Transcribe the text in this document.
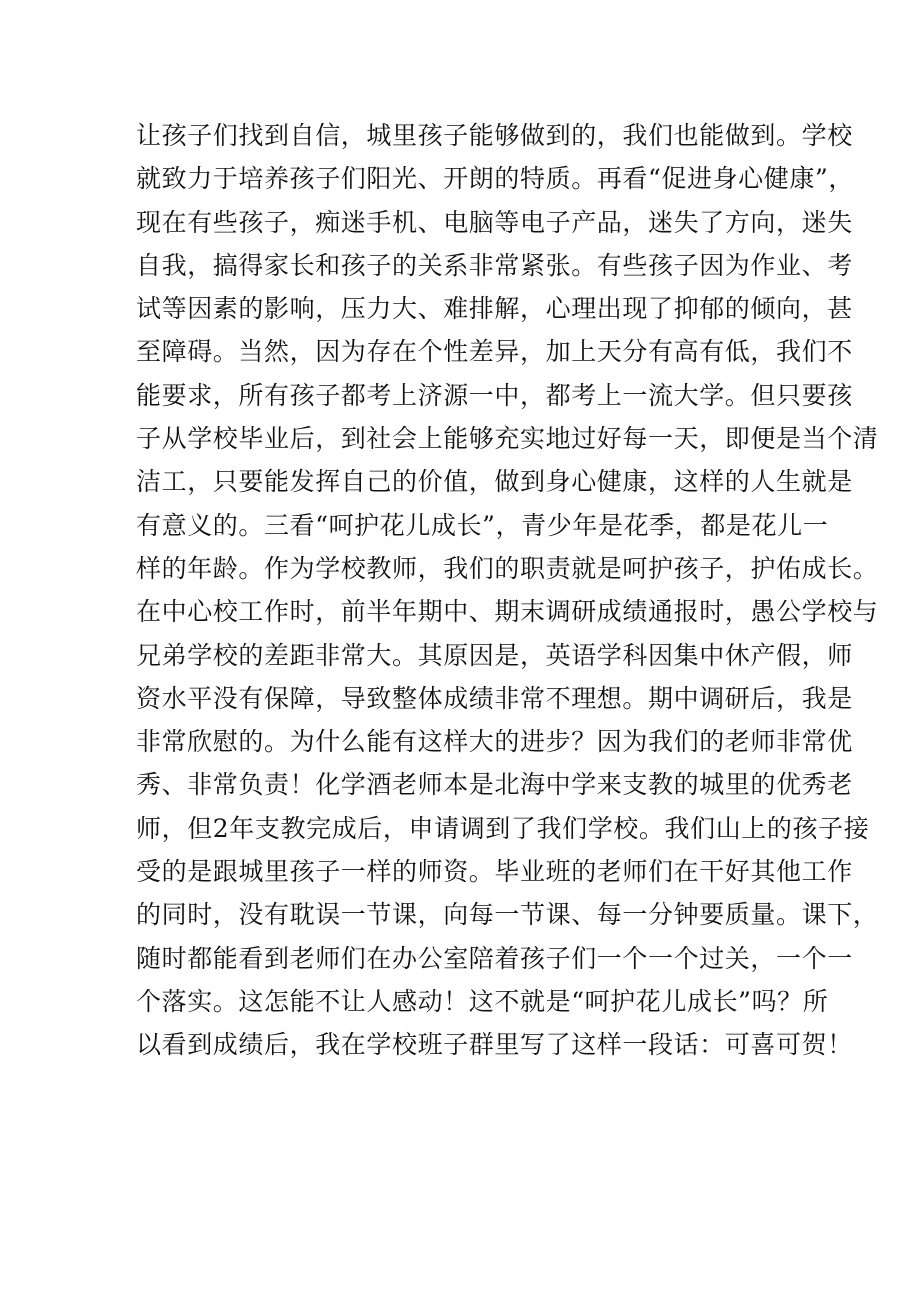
让孩子们找到自信，城里孩子能够做到的，我们也能做到。学校
就致力于培养孩子们阳光、开朗的特质。再看“促进身心健康”，
现在有些孩子，痴迷手机、电脑等电子产品，迷失了方向，迷失
自我，搞得家长和孩子的关系非常紧张。有些孩子因为作业、考
试等因素的影响，压力大、难排解，心理出现了抑郁的倾向，甚
至障碍。当然，因为存在个性差异，加上天分有高有低，我们不
能要求，所有孩子都考上济源一中，都考上一流大学。但只要孩
子从学校毕业后，到社会上能够充实地过好每一天，即便是当个清
洁工，只要能发挥自己的价值，做到身心健康，这样的人生就是
有意义的。三看“呵护花儿成长”，青少年是花季，都是花儿一
样的年龄。作为学校教师，我们的职责就是呵护孩子，护佑成长。
在中心校工作时，前半年期中、期末调研成绩通报时，愚公学校与
兄弟学校的差距非常大。其原因是，英语学科因集中休产假，师
资水平没有保障，导致整体成绩非常不理想。期中调研后，我是
非常欣慰的。为什么能有这样大的进步？因为我们的老师非常优
秀、非常负责！化学酒老师本是北海中学来支教的城里的优秀老
师，但2年支教完成后，申请调到了我们学校。我们山上的孩子接
受的是跟城里孩子一样的师资。毕业班的老师们在干好其他工作
的同时，没有耽误一节课，向每一节课、每一分钟要质量。课下，
随时都能看到老师们在办公室陪着孩子们一个一个过关，一个一
个落实。这怎能不让人感动！这不就是“呵护花儿成长”吗？所
以看到成绩后，我在学校班子群里写了这样一段话：可喜可贺！
